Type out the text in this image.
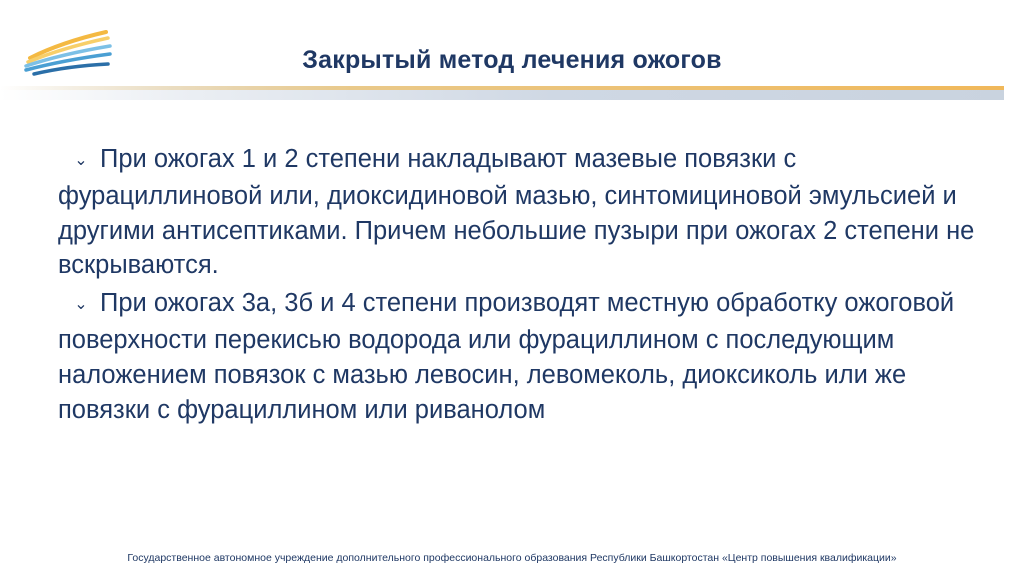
Закрытый метод лечения ожогов
⌄ При ожогах 1 и 2 степени накладывают мазевые повязки с фурациллиновой или, диоксидиновой мазью, синтомициновой эмульсией и другими антисептиками. Причем небольшие пузыри при ожогах 2 степени не вскрываются.
⌄ При ожогах 3а, 3б и 4 степени производят местную обработку ожоговой поверхности перекисью водорода или фурациллином с последующим наложением повязок с мазью левосин, левомеколь, диоксиколь или же повязки с фурациллином или риванолом
Государственное автономное учреждение дополнительного профессионального образования Республики Башкортостан «Центр повышения квалификации»
